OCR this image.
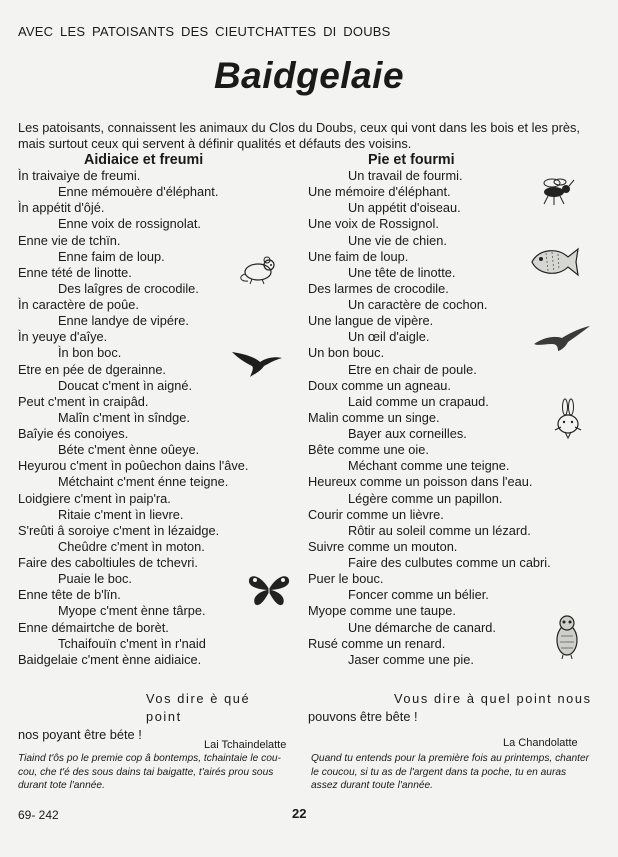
AVEC LES PATOISANTS DES CIEUTCHATTES DI DOUBS
Baidgelaie
Les patoisants, connaissent les animaux du Clos du Doubs, ceux qui vont dans les bois et les près, mais surtout ceux qui servent à définir qualités et défauts des voisins.
Aidiaice et freumi
Ìn traivaiye de freumi.
Enne mémouère d'éléphant.
Ìn appétit d'ôjé.
Enne voix de rossignolat.
Enne vie de tchïn.
Enne faim de loup.
Enne tété de linotte.
Des laîgres de crocodile.
Ìn caractère de poûe.
Enne landye de vipére.
Ìn yeuye d'aîye.
Ìn bon boc.
Etre en pée de dgerainne.
Doucat c'ment ìn aigné.
Peut c'ment ìn craipâd.
Malîn c'ment ìn sîndge.
Baîyie és conoiyes.
Béte c'ment ènne oûeye.
Heyurou c'ment ìn poûechon dains l'âve.
Métchaint c'ment énne teigne.
Loidgiere c'ment ìn paip'ra.
Ritaie c'ment ìn lievre.
S'reûti â soroiye c'ment ìn lézaidge.
Cheûdre c'ment ìn moton.
Faire des caboltiules de tchevri.
Puaie le boc.
Enne tête de b'lïn.
Myope c'ment ènne târpe.
Enne démairtche de borèt.
Tchaifouïn c'ment ìn r'naid
Baidgelaie c'ment ènne aidiaice.
Pie et fourmi
Un travail de fourmi.
Une mémoire d'éléphant.
Un appétit d'oiseau.
Une voix de Rossignol.
Une vie de chien.
Une faim de loup.
Une tête de linotte.
Des larmes de crocodile.
Un caractère de cochon.
Une langue de vipère.
Un œil d'aigle.
Un bon bouc.
Etre en chair de poule.
Doux comme un agneau.
Laid comme un crapaud.
Malin comme un singe.
Bayer aux corneilles.
Bête comme une oie.
Méchant comme une teigne.
Heureux comme un poisson dans l'eau.
Légère comme un papillon.
Courir comme un lièvre.
Rôtir au soleil comme un lézard.
Suivre comme un mouton.
Faire des culbutes comme un cabri.
Puer le bouc.
Foncer comme un bélier.
Myope comme une taupe.
Une démarche de canard.
Rusé comme un renard.
Jaser comme une pie.
Vos dire è qué point
nos poyant être béte !
Vous dire à quel point nous
pouvons être bête !
Lai Tchaindelatte	La Chandolatte
Tiaind t'ôs po le premie cop â bontemps, tchaintaie le cou-cou, che t'é des sous dains tai baigatte, t'airés prou sous durant tote l'année.
Quand tu entends pour la première fois au printemps, chanter le coucou, si tu as de l'argent dans ta poche, tu en auras assez durant toute l'année.
69- 242	22
